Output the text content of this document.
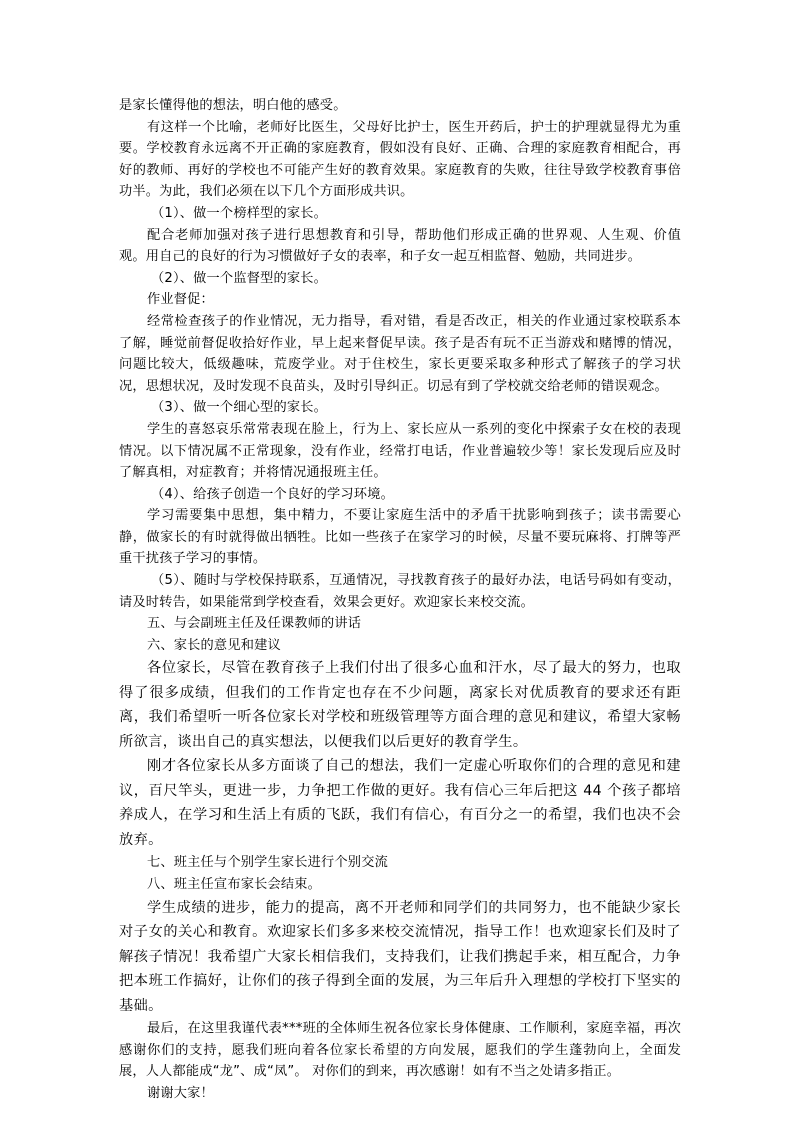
是家长懂得他的想法，明白他的感受。

有这样一个比喻，老师好比医生，父母好比护士，医生开药后，护士的护理就显得尤为重要。学校教育永远离不开正确的家庭教育，假如没有良好、正确、合理的家庭教育相配合，再好的教师、再好的学校也不可能产生好的教育效果。家庭教育的失败，往往导致学校教育事倍功半。为此，我们必须在以下几个方面形成共识。

（1）、做一个榜样型的家长。

配合老师加强对孩子进行思想教育和引导，帮助他们形成正确的世界观、人生观、价值观。用自己的良好的行为习惯做好子女的表率，和子女一起互相监督、勉励，共同进步。

（2）、做一个监督型的家长。

作业督促：

经常检查孩子的作业情况，无力指导，看对错，看是否改正，相关的作业通过家校联系本了解，睡觉前督促收拾好作业，早上起来督促早读。孩子是否有玩不正当游戏和赌博的情况，问题比较大，低级趣味，荒废学业。对于住校生，家长更要采取多种形式了解孩子的学习状况，思想状况，及时发现不良苗头，及时引导纠正。切忌有到了学校就交给老师的错误观念。

（3）、做一个细心型的家长。

学生的喜怒哀乐常常表现在脸上，行为上、家长应从一系列的变化中探索子女在校的表现情况。以下情况属不正常现象，没有作业，经常打电话，作业普遍较少等！家长发现后应及时了解真相，对症教育；并将情况通报班主任。

（4）、给孩子创造一个良好的学习环境。

学习需要集中思想，集中精力，不要让家庭生活中的矛盾干扰影响到孩子；读书需要心静，做家长的有时就得做出牺牲。比如一些孩子在家学习的时候，尽量不要玩麻将、打牌等严重干扰孩子学习的事情。

（5）、随时与学校保持联系，互通情况，寻找教育孩子的最好办法，电话号码如有变动，请及时转告，如果能常到学校查看，效果会更好。欢迎家长来校交流。

五、与会副班主任及任课教师的讲话

六、家长的意见和建议

各位家长，尽管在教育孩子上我们付出了很多心血和汗水，尽了最大的努力，也取得了很多成绩，但我们的工作肯定也存在不少问题，离家长对优质教育的要求还有距离，我们希望听一听各位家长对学校和班级管理等方面合理的意见和建议，希望大家畅所欲言，谈出自己的真实想法，以便我们以后更好的教育学生。

刚才各位家长从多方面谈了自己的想法，我们一定虚心听取你们的合理的意见和建议，百尺竿头，更进一步，力争把工作做的更好。我有信心三年后把这 44 个孩子都培养成人，在学习和生活上有质的飞跃，我们有信心，有百分之一的希望，我们也决不会放弃。

七、班主任与个别学生家长进行个别交流

八、班主任宣布家长会结束。

学生成绩的进步，能力的提高，离不开老师和同学们的共同努力，也不能缺少家长对子女的关心和教育。欢迎家长们多多来校交流情况，指导工作！也欢迎家长们及时了解孩子情况！我希望广大家长相信我们，支持我们，让我们携起手来，相互配合，力争把本班工作搞好，让你们的孩子得到全面的发展，为三年后升入理想的学校打下坚实的基础。

最后，在这里我谨代表***班的全体师生祝各位家长身体健康、工作顺利，家庭幸福，再次感谢你们的支持，愿我们班向着各位家长希望的方向发展，愿我们的学生蓬勃向上，全面发展，人人都能成“龙”、成“凤”。 对你们的到来，再次感谢！如有不当之处请多指正。

谢谢大家！
